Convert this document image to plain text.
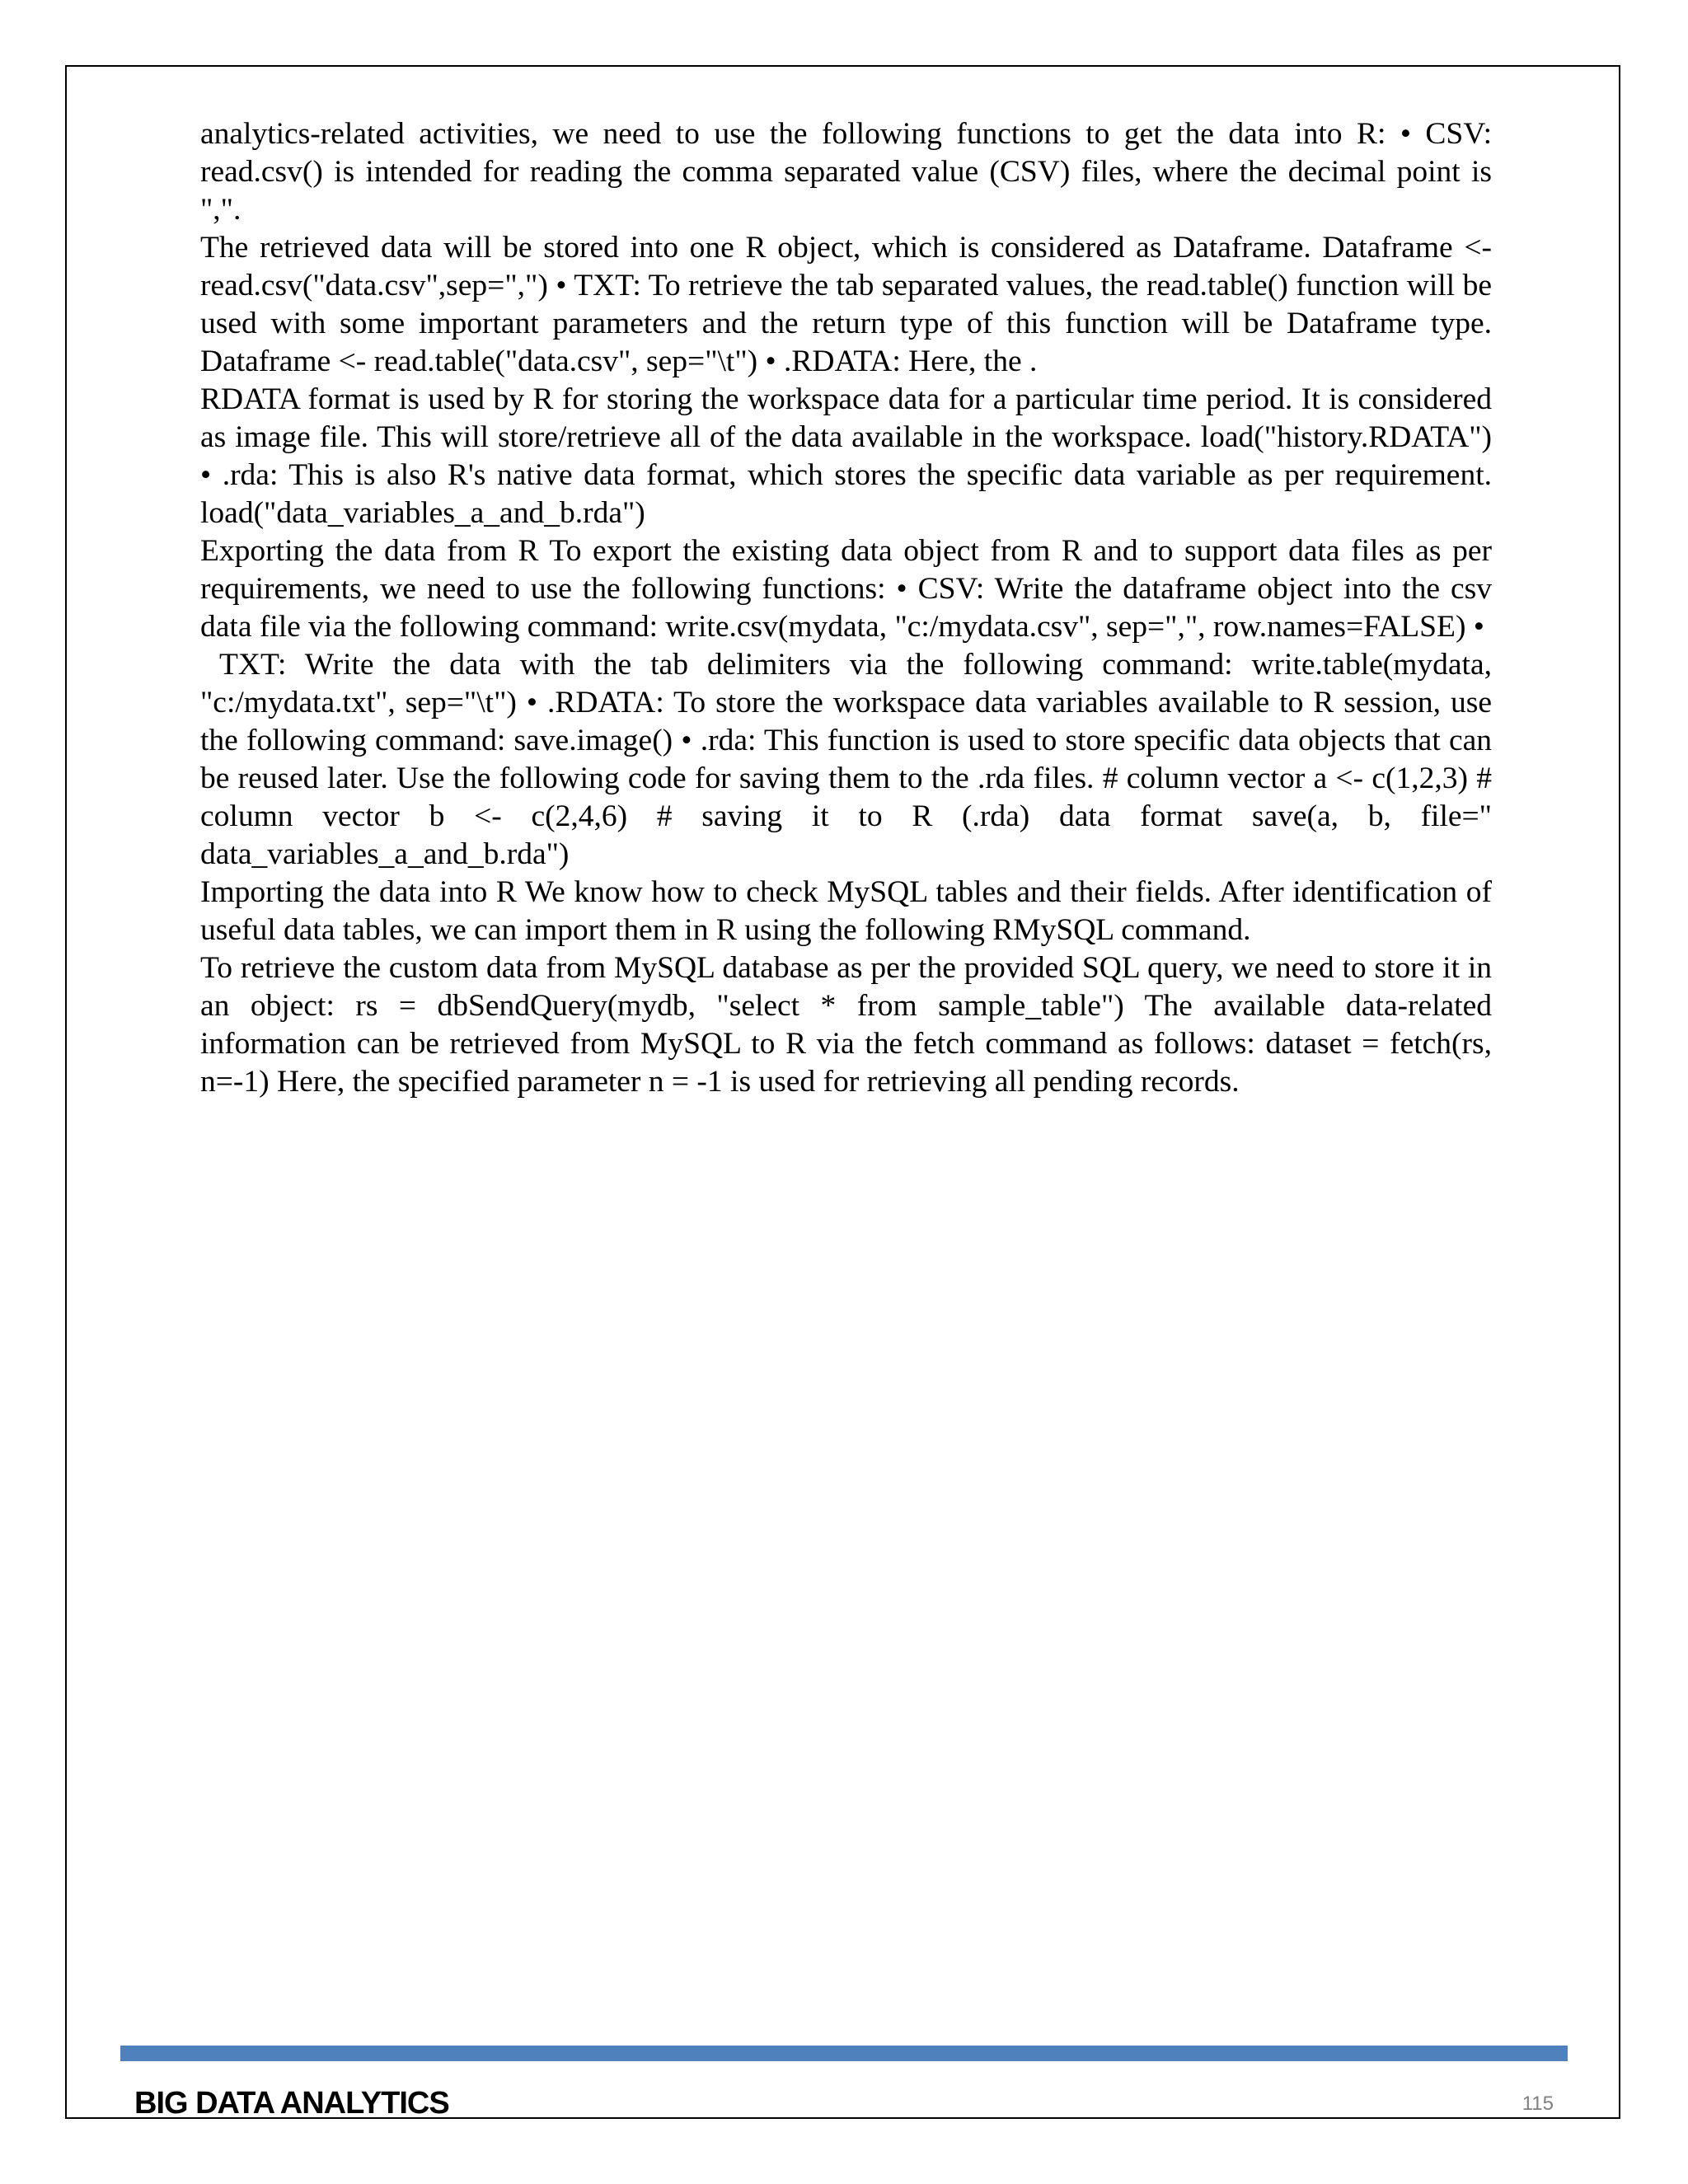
analytics-related activities, we need to use the following functions to get the data into R: • CSV: read.csv() is intended for reading the comma separated value (CSV) files, where the decimal point is ",".

The retrieved data will be stored into one R object, which is considered as Dataframe. Dataframe <- read.csv("data.csv",sep=",") • TXT: To retrieve the tab separated values, the read.table() function will be used with some important parameters and the return type of this function will be Dataframe type. Dataframe <- read.table("data.csv", sep="\t") • .RDATA: Here, the .

RDATA format is used by R for storing the workspace data for a particular time period. It is considered as image file. This will store/retrieve all of the data available in the workspace. load("history.RDATA") • .rda: This is also R's native data format, which stores the specific data variable as per requirement. load("data_variables_a_and_b.rda")

Exporting the data from R To export the existing data object from R and to support data files as per requirements, we need to use the following functions: • CSV: Write the dataframe object into the csv data file via the following command: write.csv(mydata, "c:/mydata.csv", sep=",", row.names=FALSE) •

TXT: Write the data with the tab delimiters via the following command: write.table(mydata, "c:/mydata.txt", sep="\t") • .RDATA: To store the workspace data variables available to R session, use the following command: save.image() • .rda: This function is used to store specific data objects that can be reused later. Use the following code for saving them to the .rda files. # column vector a <- c(1,2,3) # column vector b <- c(2,4,6) # saving it to R (.rda) data format save(a, b, file=" data_variables_a_and_b.rda")

Importing the data into R We know how to check MySQL tables and their fields. After identification of useful data tables, we can import them in R using the following RMySQL command.

To retrieve the custom data from MySQL database as per the provided SQL query, we need to store it in an object: rs = dbSendQuery(mydb, "select * from sample_table") The available data-related information can be retrieved from MySQL to R via the fetch command as follows: dataset = fetch(rs, n=-1) Here, the specified parameter n = -1 is used for retrieving all pending records.

BIG DATA ANALYTICS	115
